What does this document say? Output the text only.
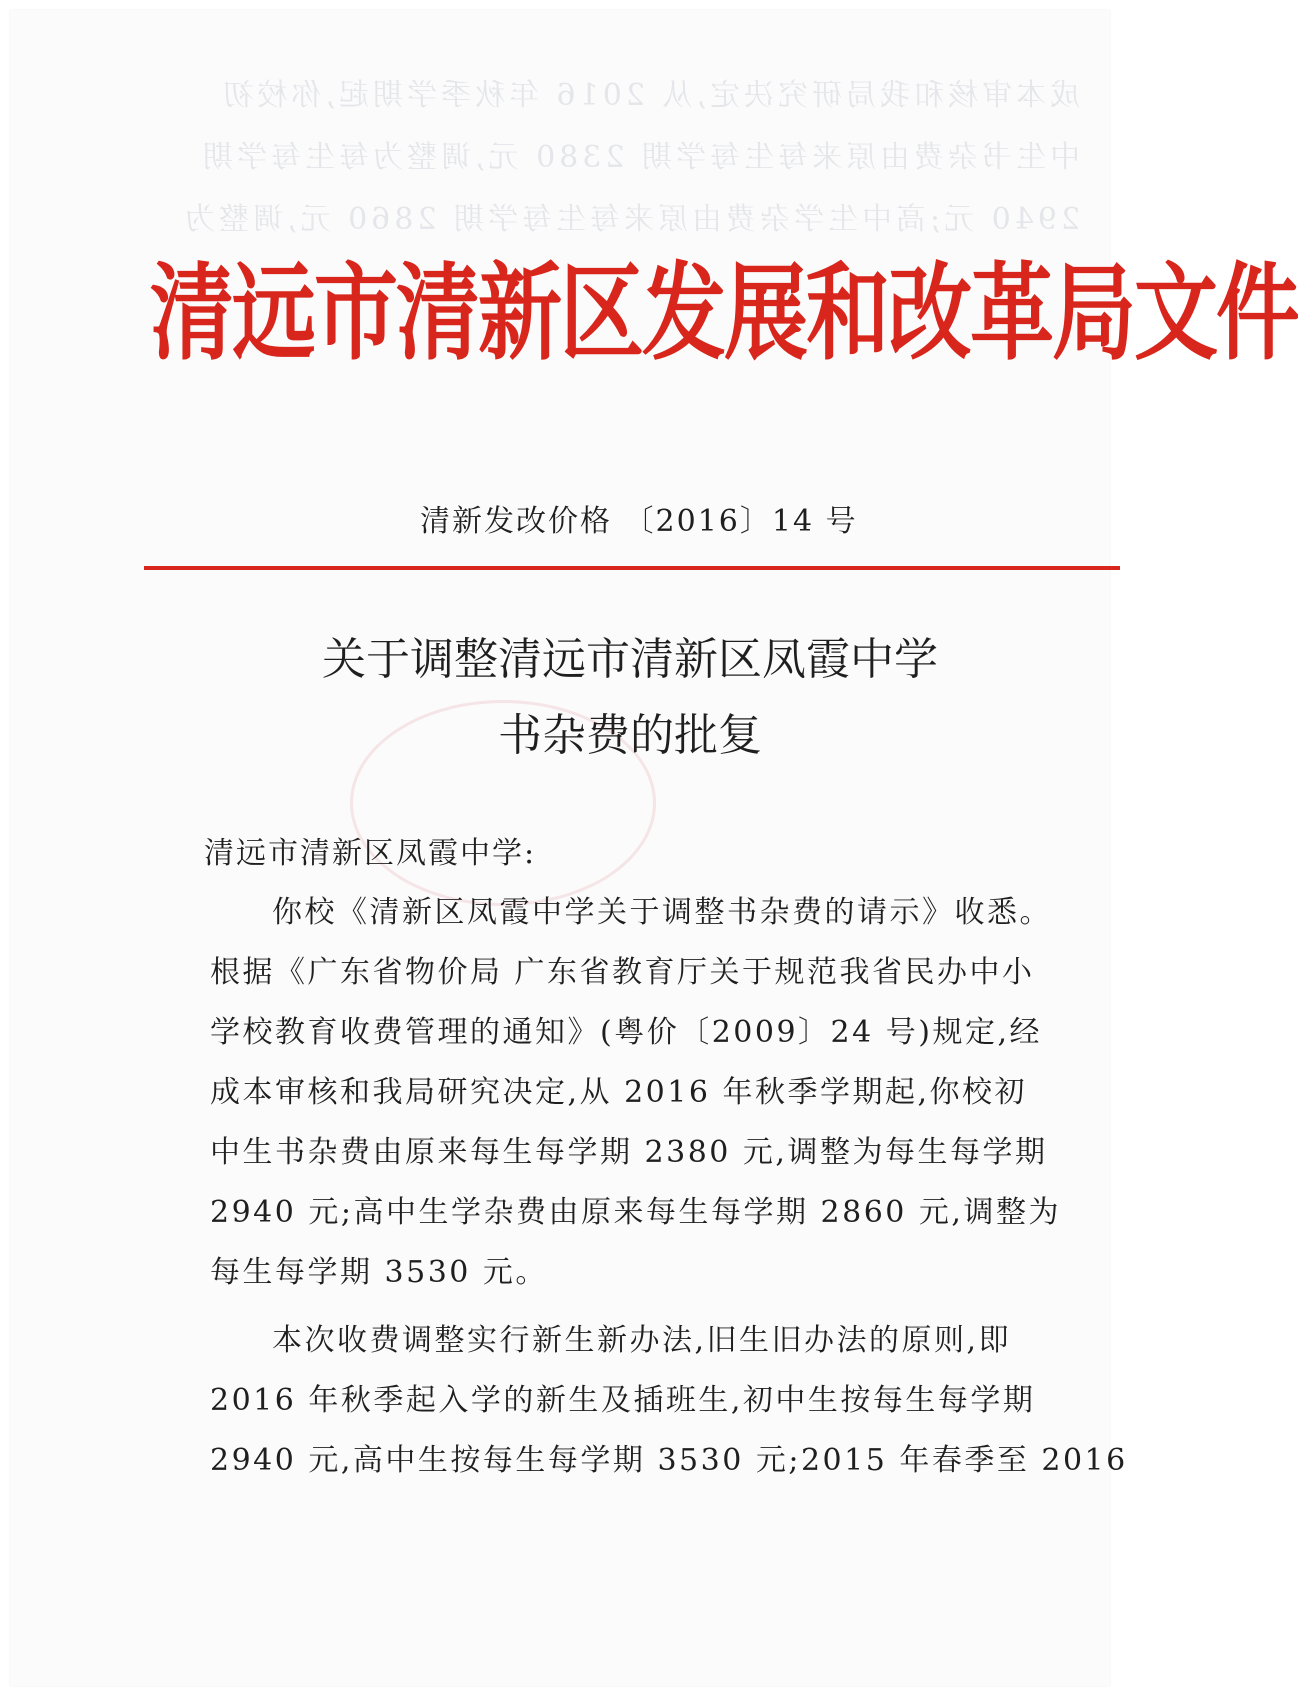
成本审核和我局研究决定,从 2016 年秋季学期起,你校初
中生书杂费由原来每生每学期 2380 元,调整为每生每学期
2940 元;高中生学杂费由原来每生每学期 2860 元,调整为
清远市清新区发展和改革局文件
清新发改价格 〔2016〕14 号
关于调整清远市清新区凤霞中学
书杂费的批复
清远市清新区凤霞中学:
你校《清新区凤霞中学关于调整书杂费的请示》收悉。
根据《广东省物价局 广东省教育厅关于规范我省民办中小
学校教育收费管理的通知》(粤价〔2009〕24 号)规定,经
成本审核和我局研究决定,从 2016 年秋季学期起,你校初
中生书杂费由原来每生每学期 2380 元,调整为每生每学期
2940 元;高中生学杂费由原来每生每学期 2860 元,调整为
每生每学期 3530 元。
本次收费调整实行新生新办法,旧生旧办法的原则,即
2016 年秋季起入学的新生及插班生,初中生按每生每学期
2940 元,高中生按每生每学期 3530 元;2015 年春季至 2016
